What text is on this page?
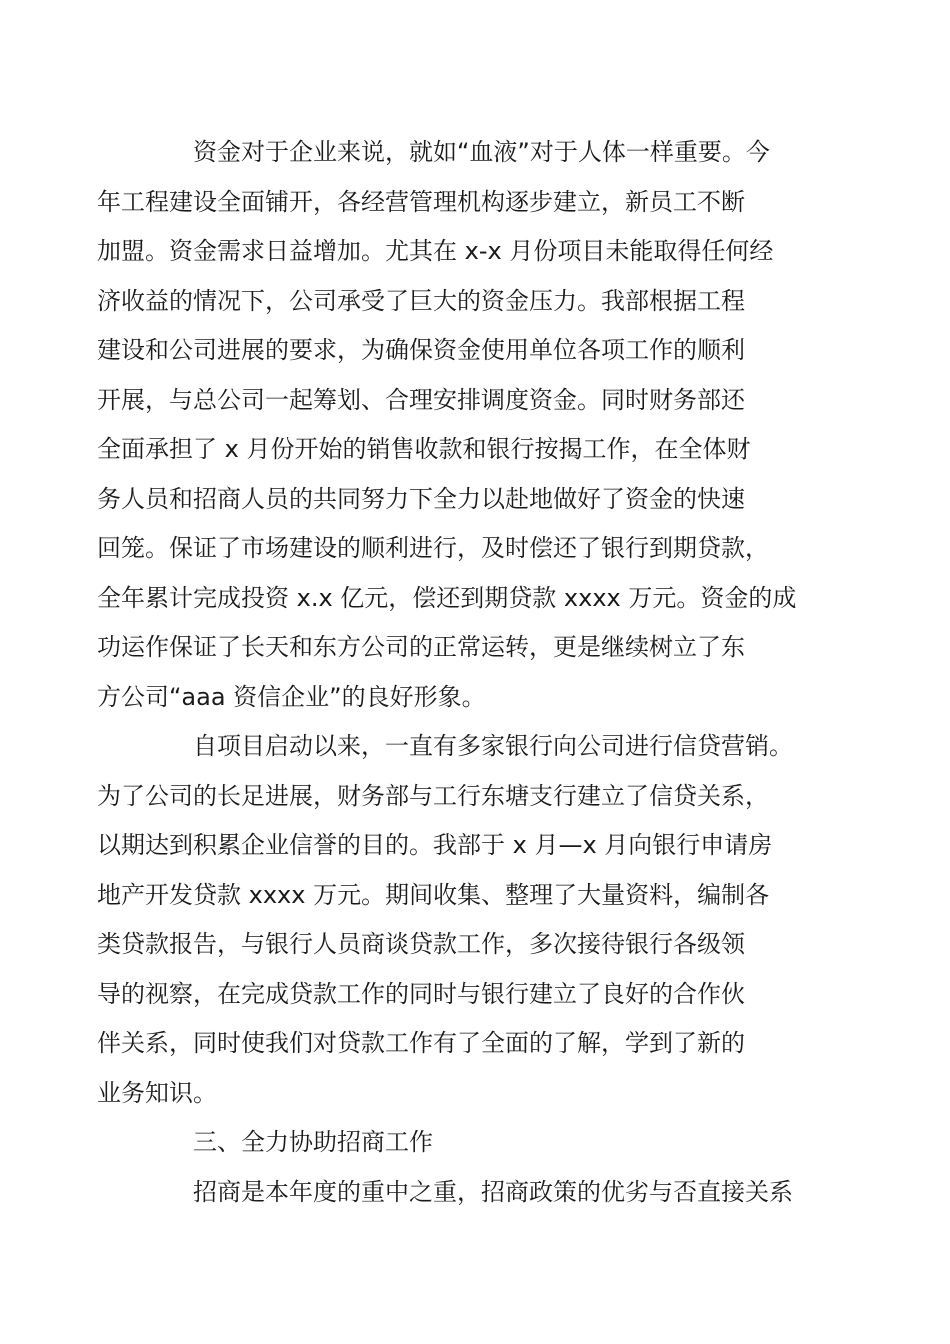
资金对于企业来说，就如“血液”对于人体一样重要。今
年工程建设全面铺开，各经营管理机构逐步建立，新员工不断
加盟。资金需求日益增加。尤其在 x-x 月份项目未能取得任何经
济收益的情况下，公司承受了巨大的资金压力。我部根据工程
建设和公司进展的要求，为确保资金使用单位各项工作的顺利
开展，与总公司一起筹划、合理安排调度资金。同时财务部还
全面承担了 x 月份开始的销售收款和银行按揭工作，在全体财
务人员和招商人员的共同努力下全力以赴地做好了资金的快速
回笼。保证了市场建设的顺利进行，及时偿还了银行到期贷款，
全年累计完成投资 x.x 亿元，偿还到期贷款 xxxx 万元。资金的成
功运作保证了长天和东方公司的正常运转，更是继续树立了东
方公司“aaa 资信企业”的良好形象。
自项目启动以来，一直有多家银行向公司进行信贷营销。
为了公司的长足进展，财务部与工行东塘支行建立了信贷关系，
以期达到积累企业信誉的目的。我部于 x 月—x 月向银行申请房
地产开发贷款 xxxx 万元。期间收集、整理了大量资料，编制各
类贷款报告，与银行人员商谈贷款工作，多次接待银行各级领
导的视察，在完成贷款工作的同时与银行建立了良好的合作伙
伴关系，同时使我们对贷款工作有了全面的了解，学到了新的
业务知识。
三、全力协助招商工作
招商是本年度的重中之重，招商政策的优劣与否直接关系
